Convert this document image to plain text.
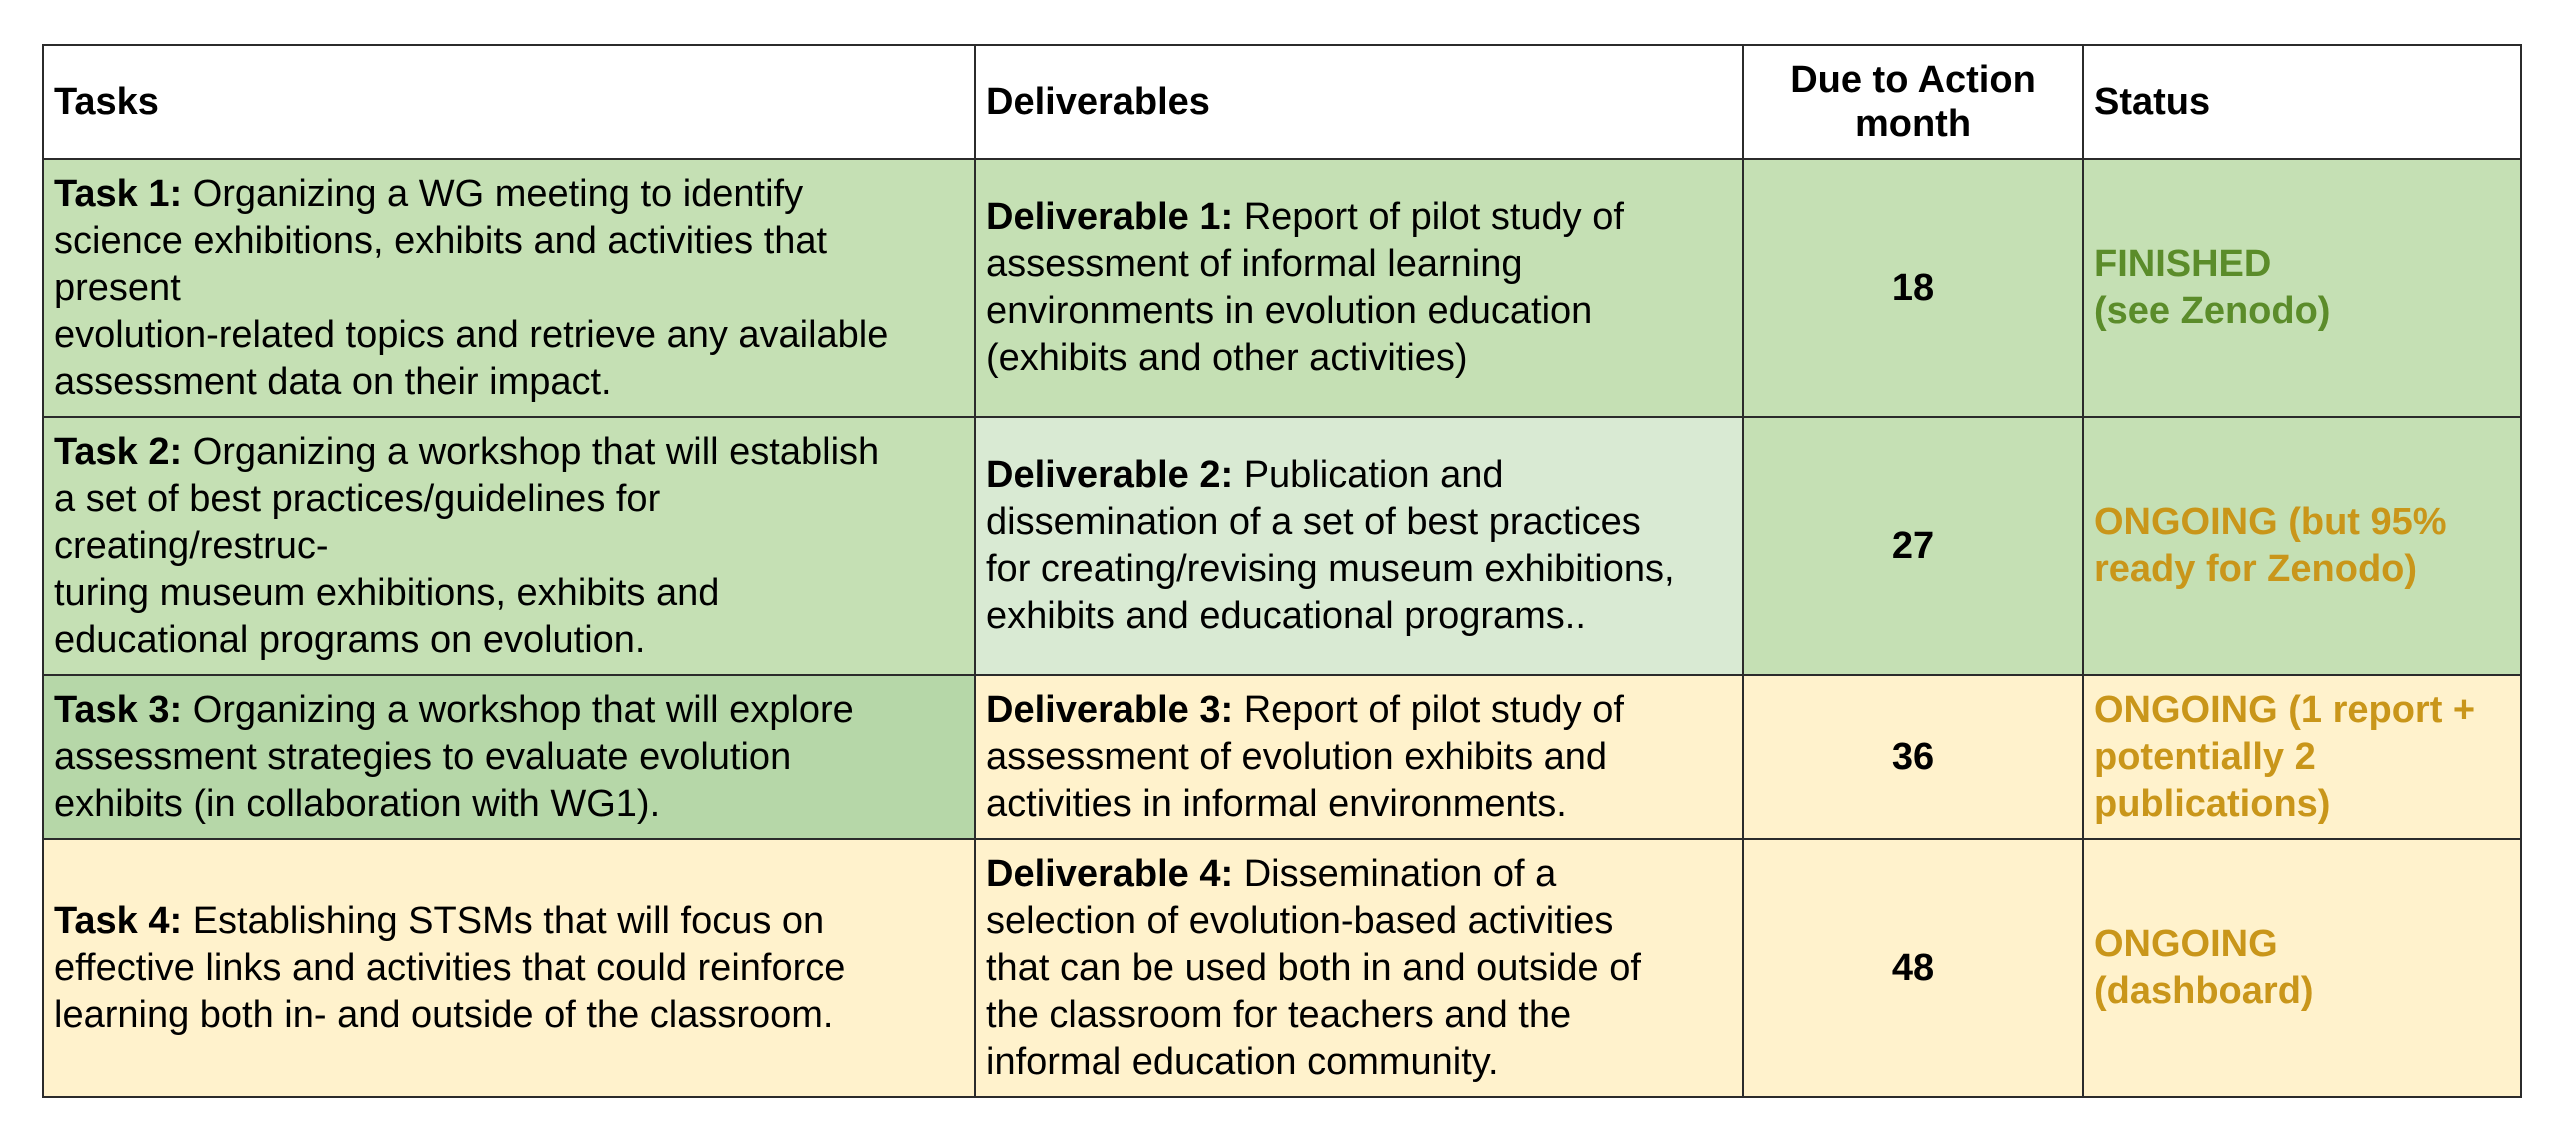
Tasks	Deliverables	Due to Action month	Status

Task 1: Organizing a WG meeting to identify
science exhibitions, exhibits and activities that
present
evolution-related topics and retrieve any available
assessment data on their impact.	Deliverable 1: Report of pilot study of
assessment of informal learning
environments in evolution education
(exhibits and other activities)	18	FINISHED
(see Zenodo)

Task 2: Organizing a workshop that will establish
a set of best practices/guidelines for
creating/restruc-
turing museum exhibitions, exhibits and
educational programs on evolution.	Deliverable 2: Publication and
dissemination of a set of best practices
for creating/revising museum exhibitions,
exhibits and educational programs..	27	ONGOING (but 95%
ready for Zenodo)

Task 3: Organizing a workshop that will explore
assessment strategies to evaluate evolution
exhibits (in collaboration with WG1).	Deliverable 3: Report of pilot study of
assessment of evolution exhibits and
activities in informal environments.	36	ONGOING (1 report +
potentially 2
publications)

Task 4: Establishing STSMs that will focus on
effective links and activities that could reinforce
learning both in- and outside of the classroom.	Deliverable 4: Dissemination of a
selection of evolution-based activities
that can be used both in and outside of
the classroom for teachers and the
informal education community.	48	ONGOING
(dashboard)
